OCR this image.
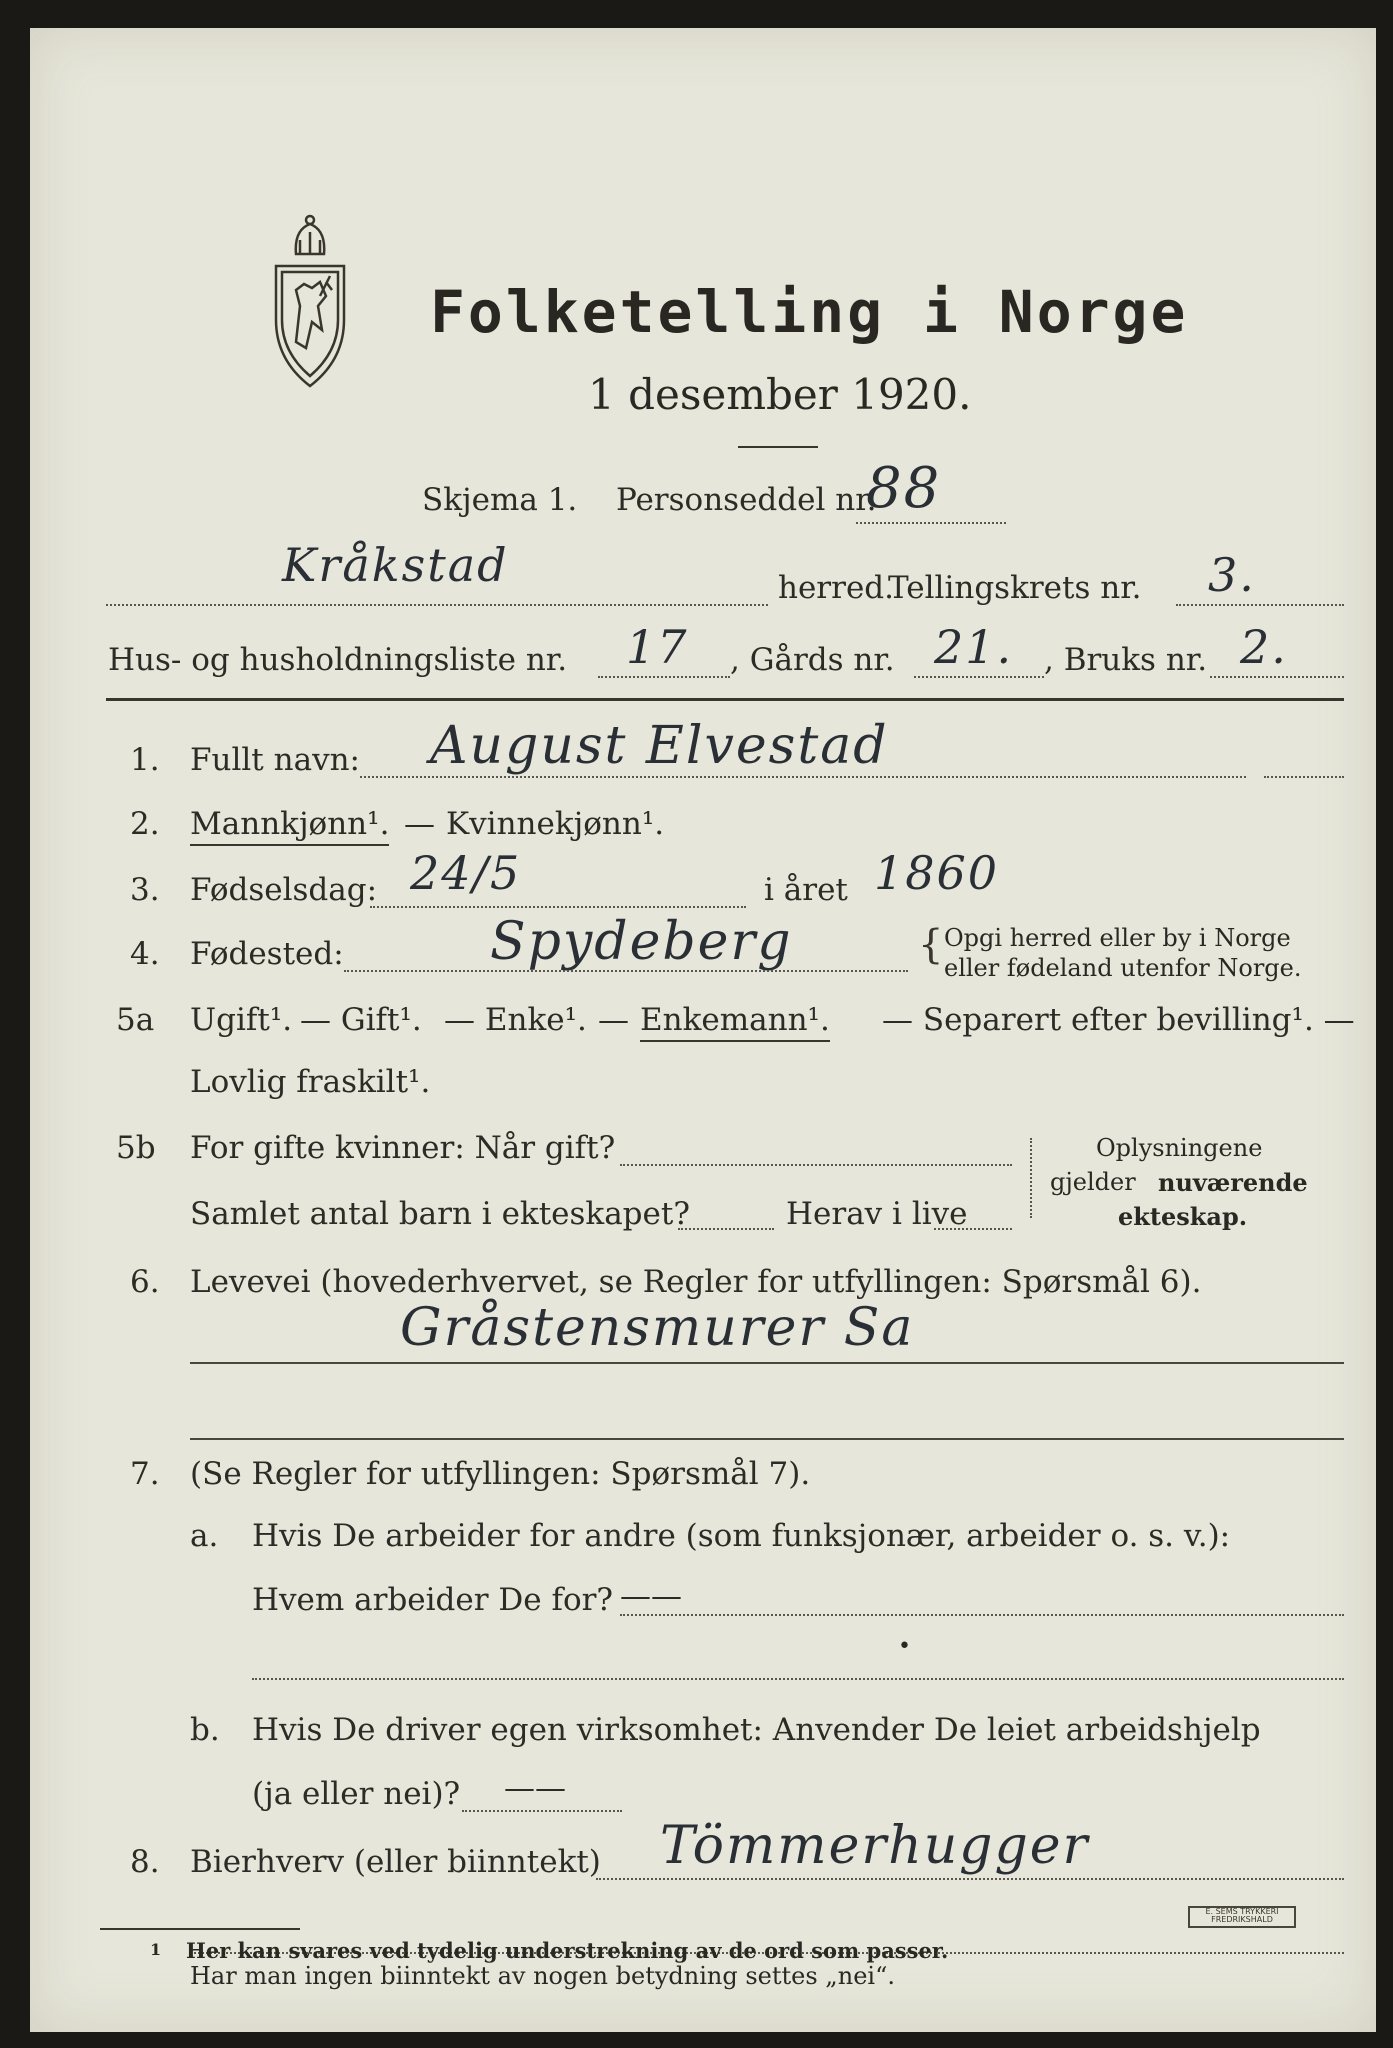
Folketelling i Norge
1 desember 1920.
Skjema 1. Personseddel nr.
88
Kråkstad	herred.
Tellingskrets nr. 3.
Hus- og husholdningsliste nr. 17 , Gårds nr. 21. , Bruks nr. 2.
1. Fullt navn: August Elvestad
2. Mannkjønn¹. — Kvinnekjønn¹.
3. Fødselsdag: 24/5	i året 1860
4. Fødested:	Spydeberg	{ Opgi herred eller by i Norge
eller fødeland utenfor Norge.
5a Ugift¹. — Gift¹. — Enke¹. — Enkemann¹. — Separert efter bevilling¹. —
Lovlig fraskilt¹.
5b For gifte kvinner: Når gift?
Samlet antal barn i ekteskapet?	Herav i live
Oplysningene
gjelder nuværende
ekteskap.
6. Levevei (hovederhvervet, se Regler for utfyllingen: Spørsmål 6).
Gråstensmurer Sa
7. (Se Regler for utfyllingen: Spørsmål 7).
a. Hvis De arbeider for andre (som funksjonær, arbeider o. s. v.):
Hvem arbeider De for? ——
•
b. Hvis De driver egen virksomhet: Anvender De leiet arbeidshjelp
(ja eller nei)? ——
8. Bierhverv (eller biinntekt) Tömmerhugger
Har man ingen biinntekt av nogen betydning settes „nei“.
1 Her kan svares ved tydelig understrekning av de ord som passer.
E. SEMS TRYKKERI
FREDRIKSHALD
